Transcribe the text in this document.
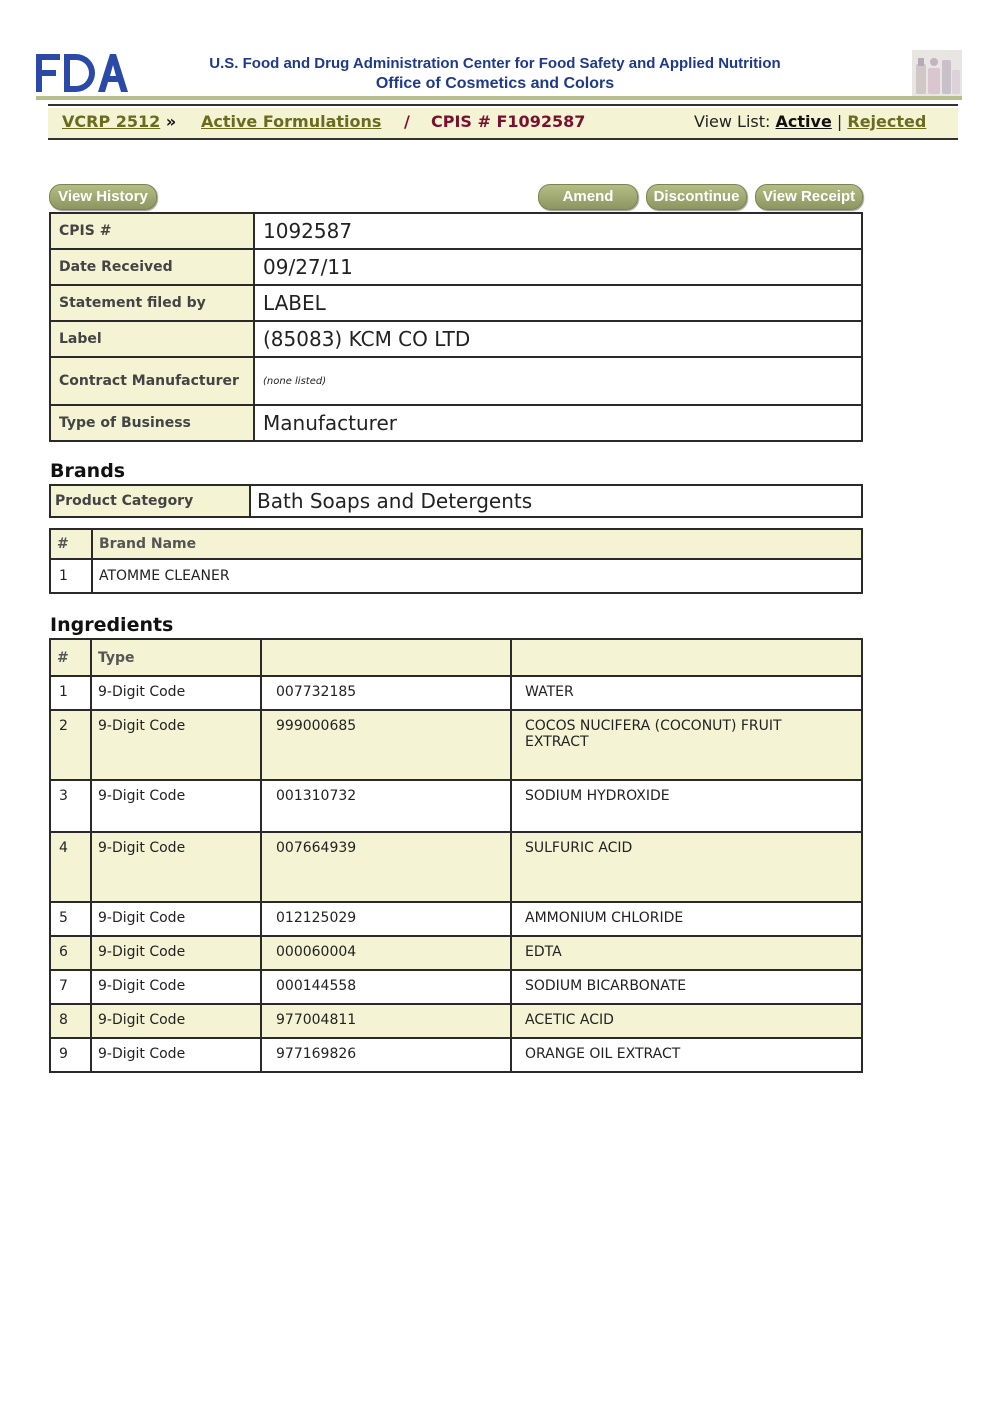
FDA
U.S. Food and Drug Administration Center for Food Safety and Applied Nutrition
Office of Cosmetics and Colors
VCRP 2512 » Active Formulations / CPIS # F1092587	View List: Active | Rejected
View History	Amend	Discontinue	View Receipt
CPIS #	1092587
Date Received	09/27/11
Statement filed by	LABEL
Label	(85083) KCM CO LTD
Contract Manufacturer	(none listed)
Type of Business	Manufacturer
Brands
Product Category	Bath Soaps and Detergents
#	Brand Name
1	ATOMME CLEANER
Ingredients
#	Type		
1	9-Digit Code	007732185	WATER
2	9-Digit Code	999000685	COCOS NUCIFERA (COCONUT) FRUIT EXTRACT
3	9-Digit Code	001310732	SODIUM HYDROXIDE
4	9-Digit Code	007664939	SULFURIC ACID
5	9-Digit Code	012125029	AMMONIUM CHLORIDE
6	9-Digit Code	000060004	EDTA
7	9-Digit Code	000144558	SODIUM BICARBONATE
8	9-Digit Code	977004811	ACETIC ACID
9	9-Digit Code	977169826	ORANGE OIL EXTRACT
